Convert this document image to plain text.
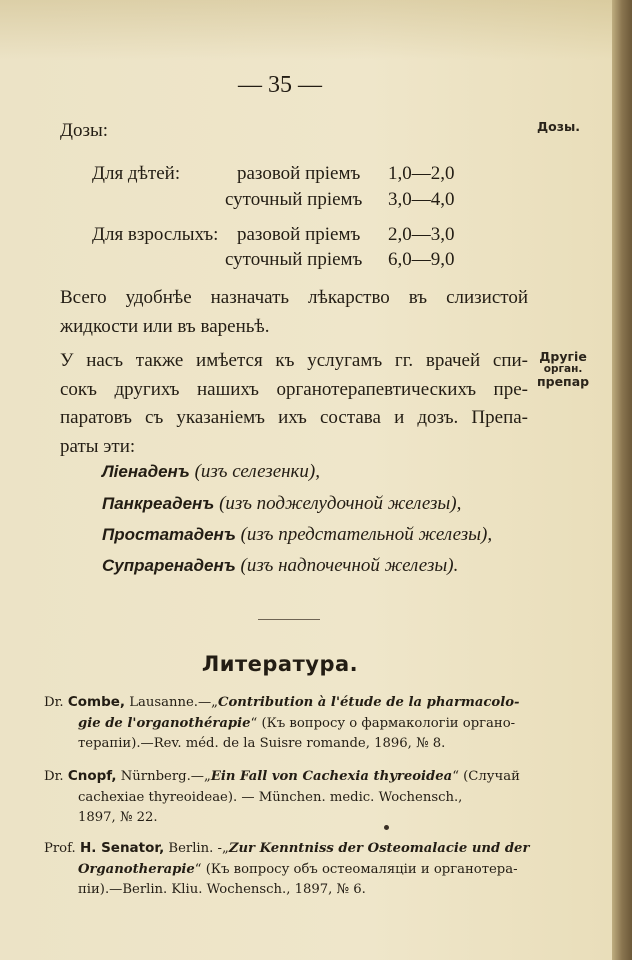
— 35 —
Дозы:	Дозы.
Для дѣтей:	разовой прiемъ 1,0—2,0
суточный прiемъ 3,0—4,0
Для взрослыхъ: разовой прiемъ 2,0—3,0
суточный прiемъ 6,0—9,0
Всего удобнѣе назначать лѣкарство въ слизистой
жидкости или въ вареньѣ.
Другiе
орган.
препар
У насъ также имѣется къ услугамъ гг. врачей спи-
сокъ другихъ нашихъ органотерапевтическихъ пре-
паратовъ съ указанiемъ ихъ состава и дозъ. Препа-
раты эти:
Лiенаденъ (изъ селезенки),
Панкреаденъ (изъ поджелудочной железы),
Простатаденъ (изъ предстательной железы),
Супраренаденъ (изъ надпочечной железы).
Литература.
Dr. Combe, Lausanne.—„Contribution à l'étude de la pharmacolo-
gie de l'organothérapie“ (Къ вопросу о фармакологiи органо-
терапiи).—Rev. méd. de la Suisre romande, 1896, № 8.
Dr. Cnopf, Nürnberg.—„Ein Fall von Cachexia thyreoidea“ (Случай
cachexiae thyreoideae). — München. medic. Wochensch.,
1897, № 22.
Prof. H. Senator, Berlin. -„Zur Kenntniss der Osteomalacie und der
Organotherapie“ (Къ вопросу объ остеомаляцiи и органотера-
пiи).—Berlin. Kliu. Wochensch., 1897, № 6.
